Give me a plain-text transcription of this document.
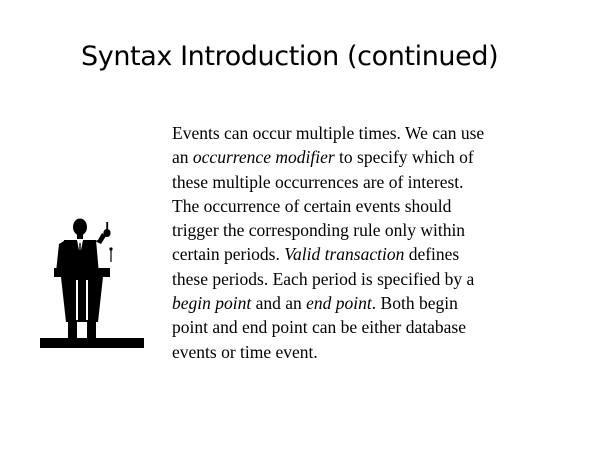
Syntax Introduction (continued)
Events can occur multiple times. We can use
an occurrence modifier to specify which of
these multiple occurrences are of interest.
The occurrence of certain events should
trigger the corresponding rule only within
certain periods. Valid transaction defines
these periods. Each period is specified by a
begin point and an end point. Both begin
point and end point can be either database
events or time event.
